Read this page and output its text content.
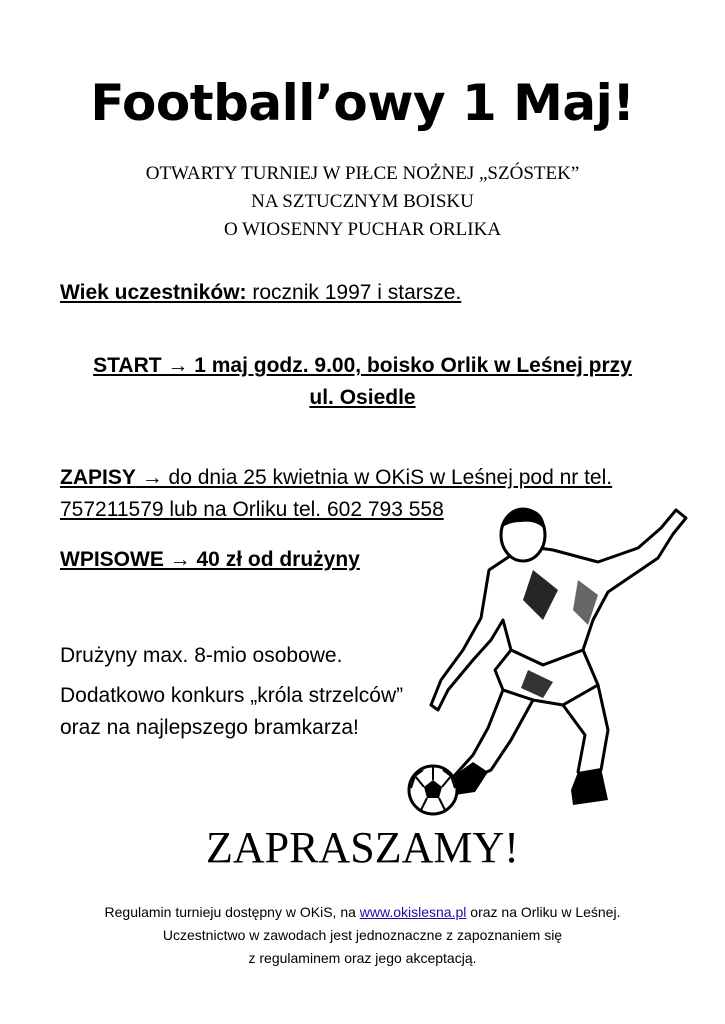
Football’owy 1 Maj!
OTWARTY TURNIEJ W PIŁCE NOŻNEJ „SZÓSTEK”
NA SZTUCZNYM BOISKU
O WIOSENNY PUCHAR ORLIKA
Wiek uczestników: rocznik 1997 i starsze.
START → 1 maj godz. 9.00, boisko Orlik w Leśnej przy
ul. Osiedle
ZAPISY → do dnia 25 kwietnia w OKiS w Leśnej pod nr tel.
757211579 lub na Orliku tel. 602 793 558
WPISOWE → 40 zł od drużyny
Drużyny max. 8-mio osobowe.
Dodatkowo konkurs „króla strzelców”
oraz na najlepszego bramkarza!
ZAPRASZAMY!
Regulamin turnieju dostępny w OKiS, na www.okislesna.pl oraz na Orliku w Leśnej.
Uczestnictwo w zawodach jest jednoznaczne z zapoznaniem się
z regulaminem oraz jego akceptacją.
